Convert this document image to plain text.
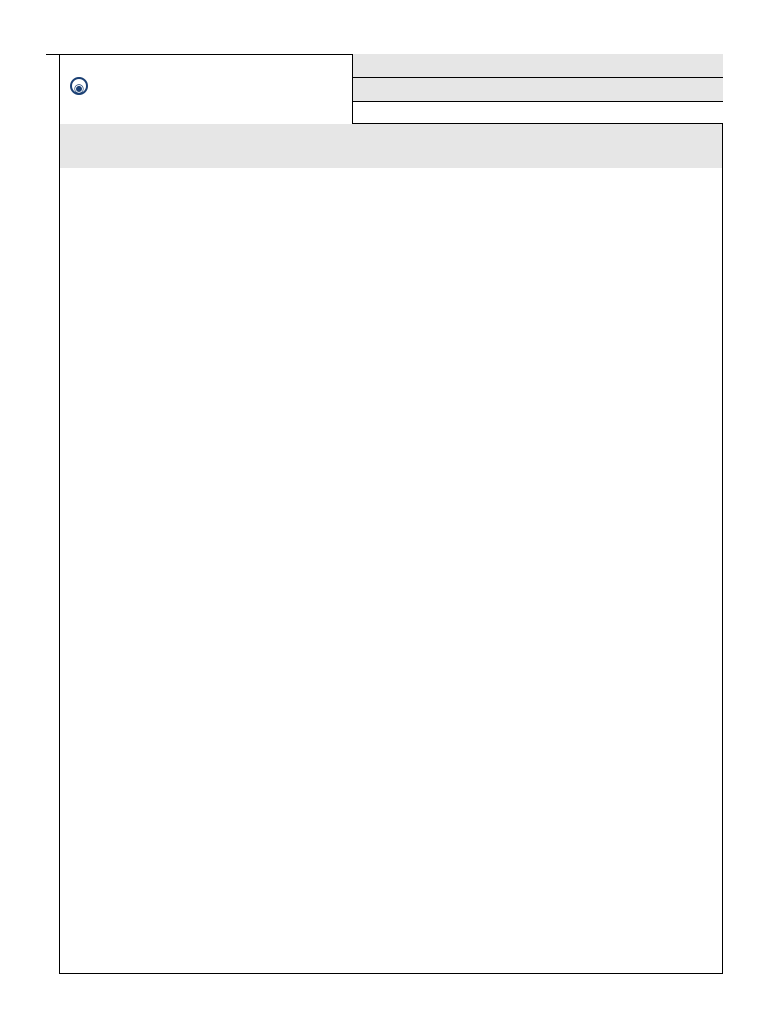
◉
